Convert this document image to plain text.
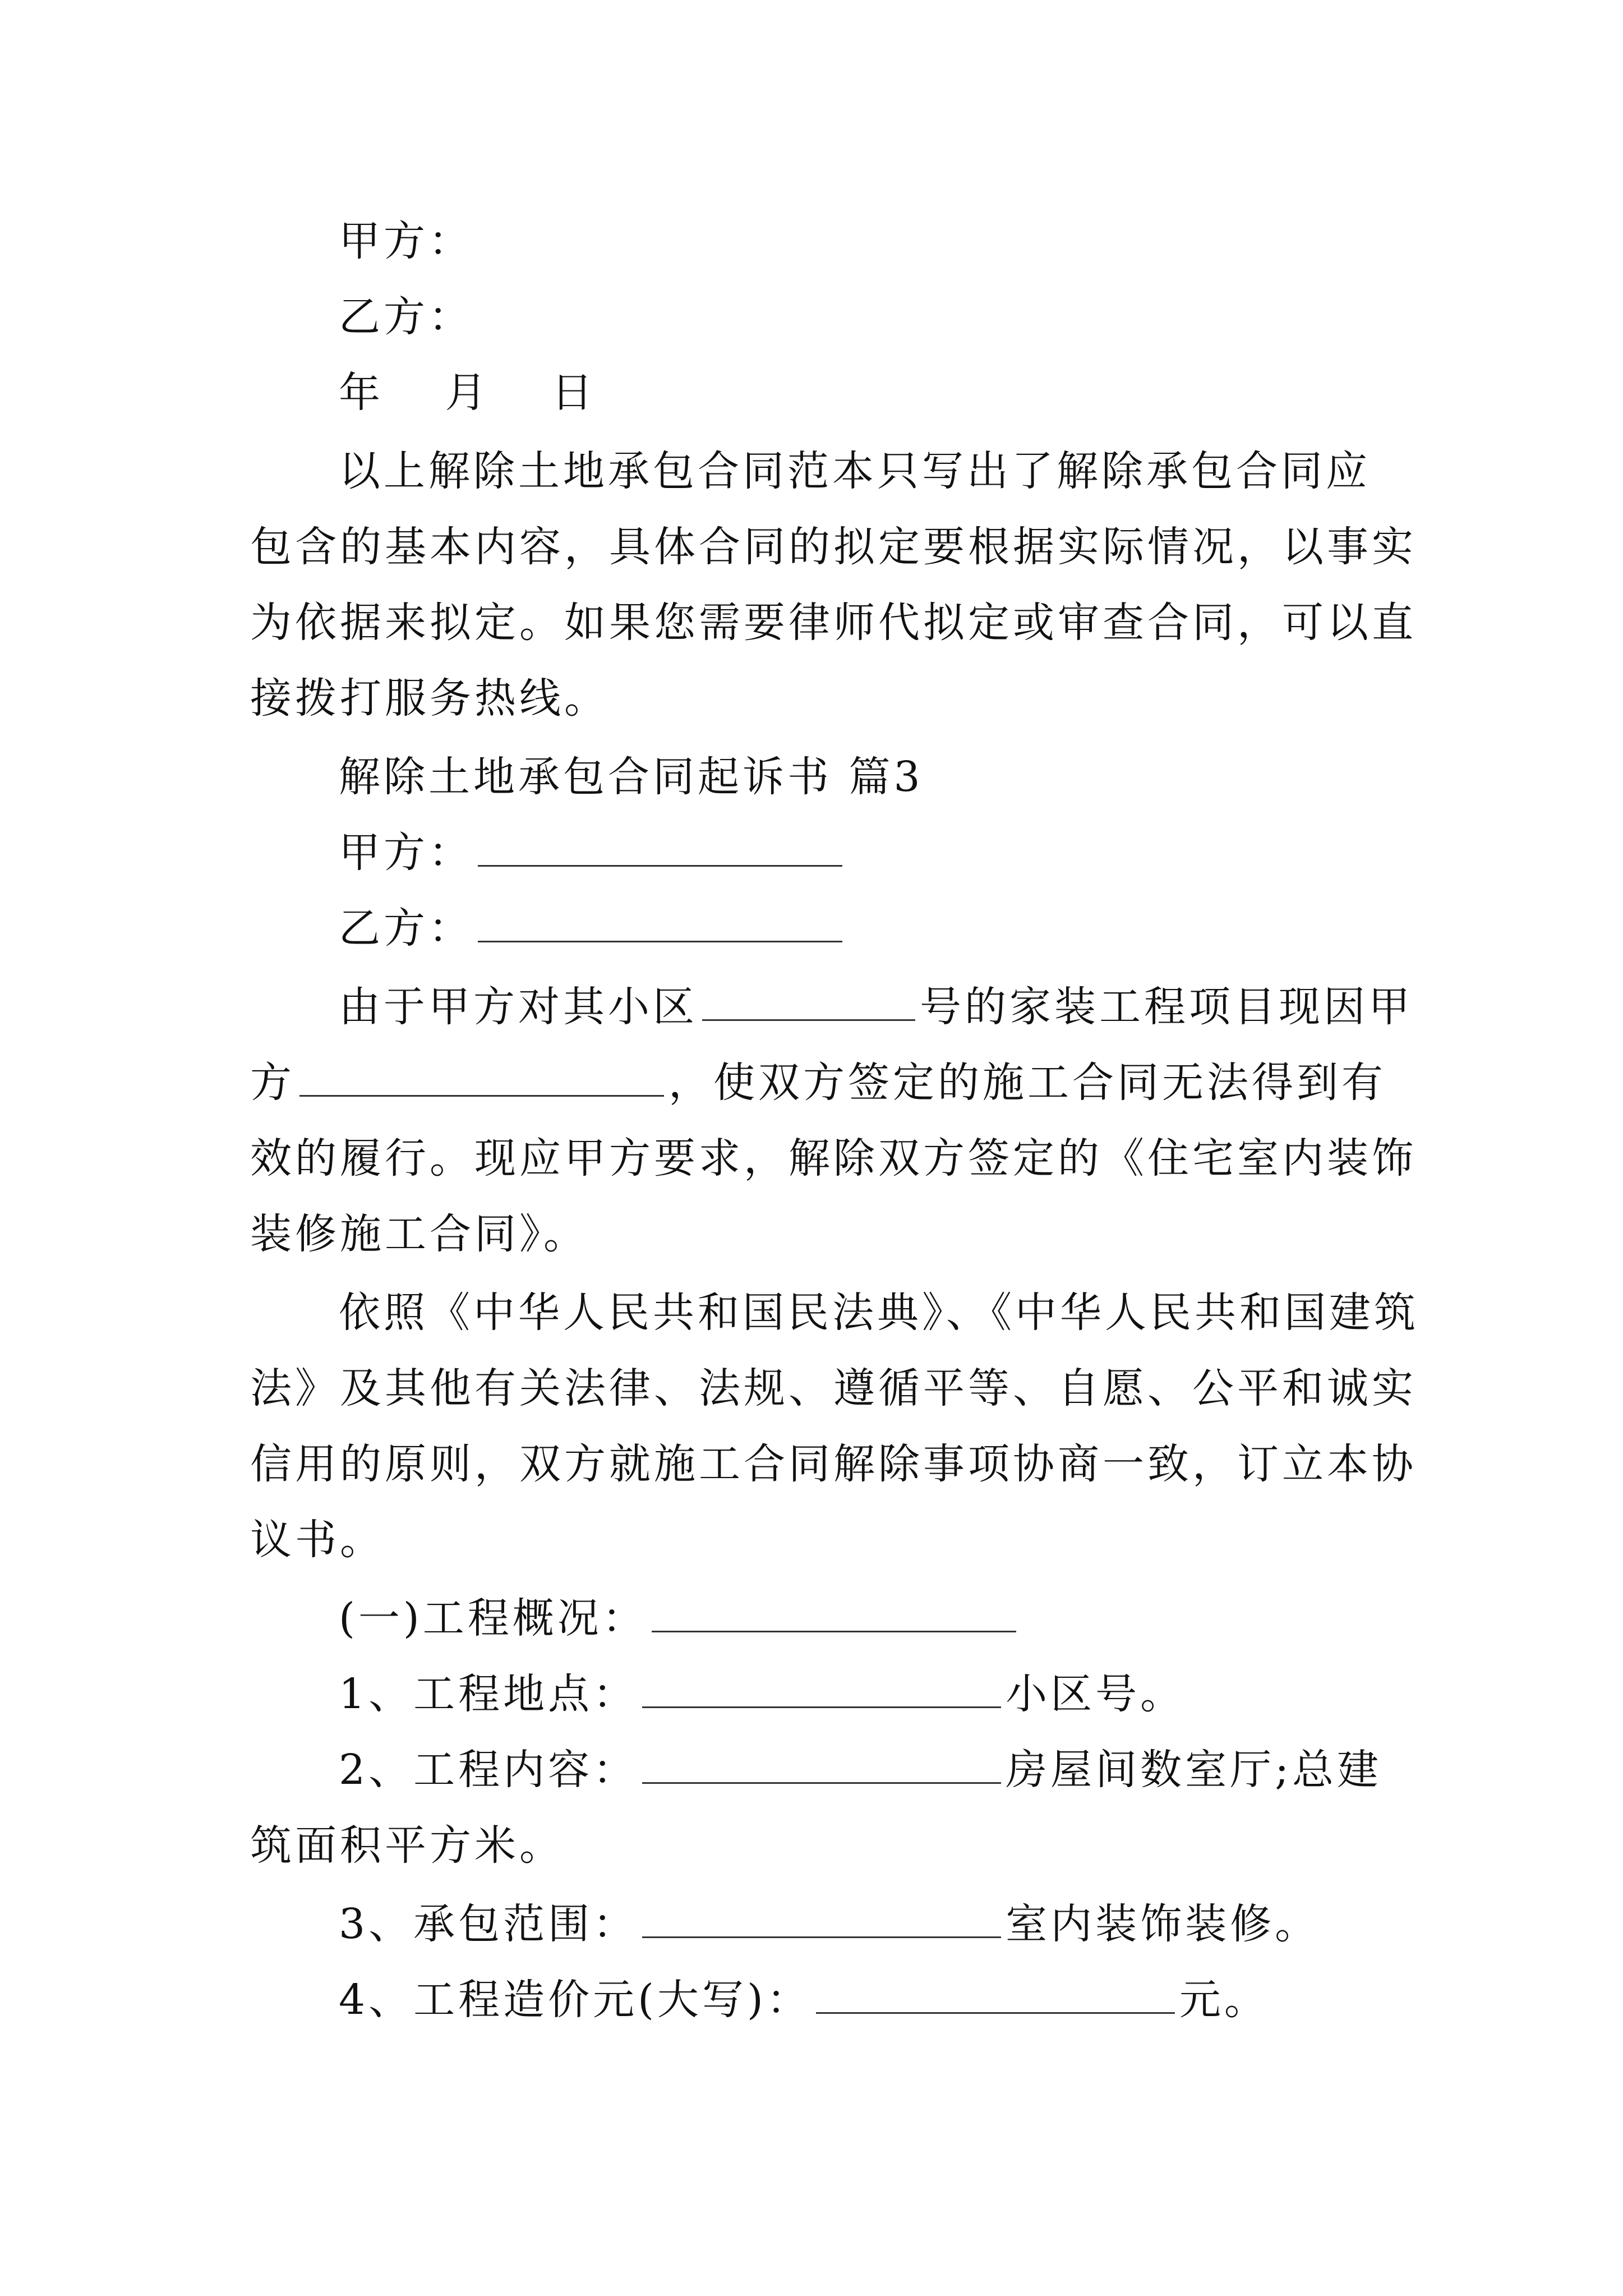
甲方：
乙方：
年　 月　 日
以上解除土地承包合同范本只写出了解除承包合同应
包含的基本内容，具体合同的拟定要根据实际情况，以事实
为依据来拟定。如果您需要律师代拟定或审查合同，可以直
接拨打服务热线。
解除土地承包合同起诉书 篇3
甲方：
乙方：
由于甲方对其小区	号的家装工程项目现因甲
方	，使双方签定的施工合同无法得到有
效的履行。现应甲方要求，解除双方签定的《住宅室内装饰
装修施工合同》。
依照《中华人民共和国民法典》、《中华人民共和国建筑
法》及其他有关法律、法规、遵循平等、自愿、公平和诚实
信用的原则，双方就施工合同解除事项协商一致，订立本协
议书。
(一)工程概况：
1、工程地点：	小区号。
2、工程内容：	房屋间数室厅;总建
筑面积平方米。
3、承包范围：	室内装饰装修。
4、工程造价元(大写)：	元。
